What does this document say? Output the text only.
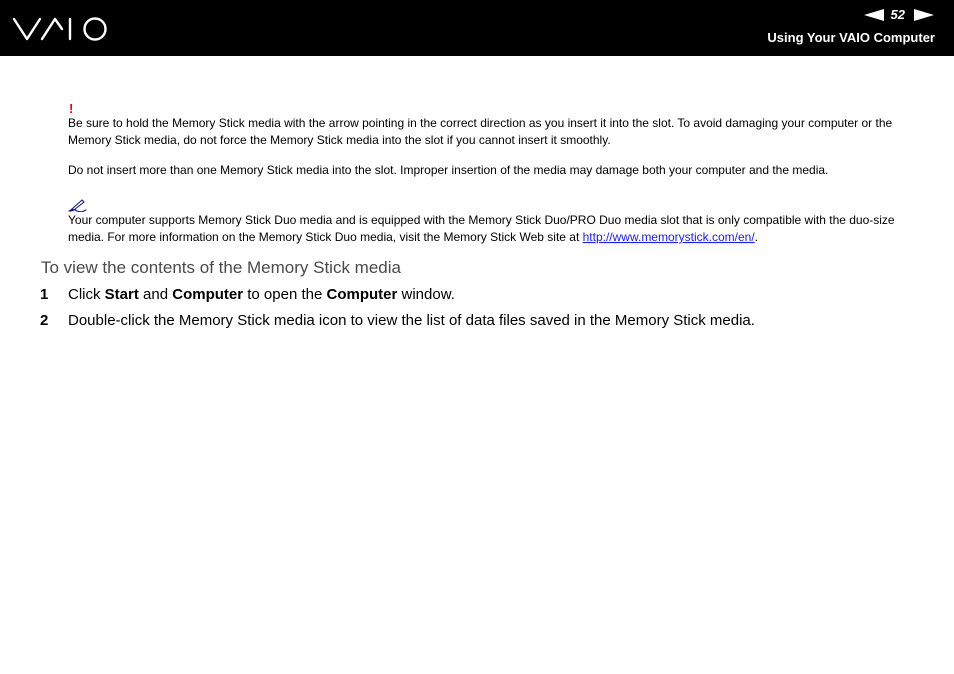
52
Using Your VAIO Computer
!
Be sure to hold the Memory Stick media with the arrow pointing in the correct direction as you insert it into the slot. To avoid damaging your computer or the Memory Stick media, do not force the Memory Stick media into the slot if you cannot insert it smoothly.
Do not insert more than one Memory Stick media into the slot. Improper insertion of the media may damage both your computer and the media.
Your computer supports Memory Stick Duo media and is equipped with the Memory Stick Duo/PRO Duo media slot that is only compatible with the duo-size media. For more information on the Memory Stick Duo media, visit the Memory Stick Web site at http://www.memorystick.com/en/.
To view the contents of the Memory Stick media
1 Click Start and Computer to open the Computer window.
2 Double-click the Memory Stick media icon to view the list of data files saved in the Memory Stick media.
